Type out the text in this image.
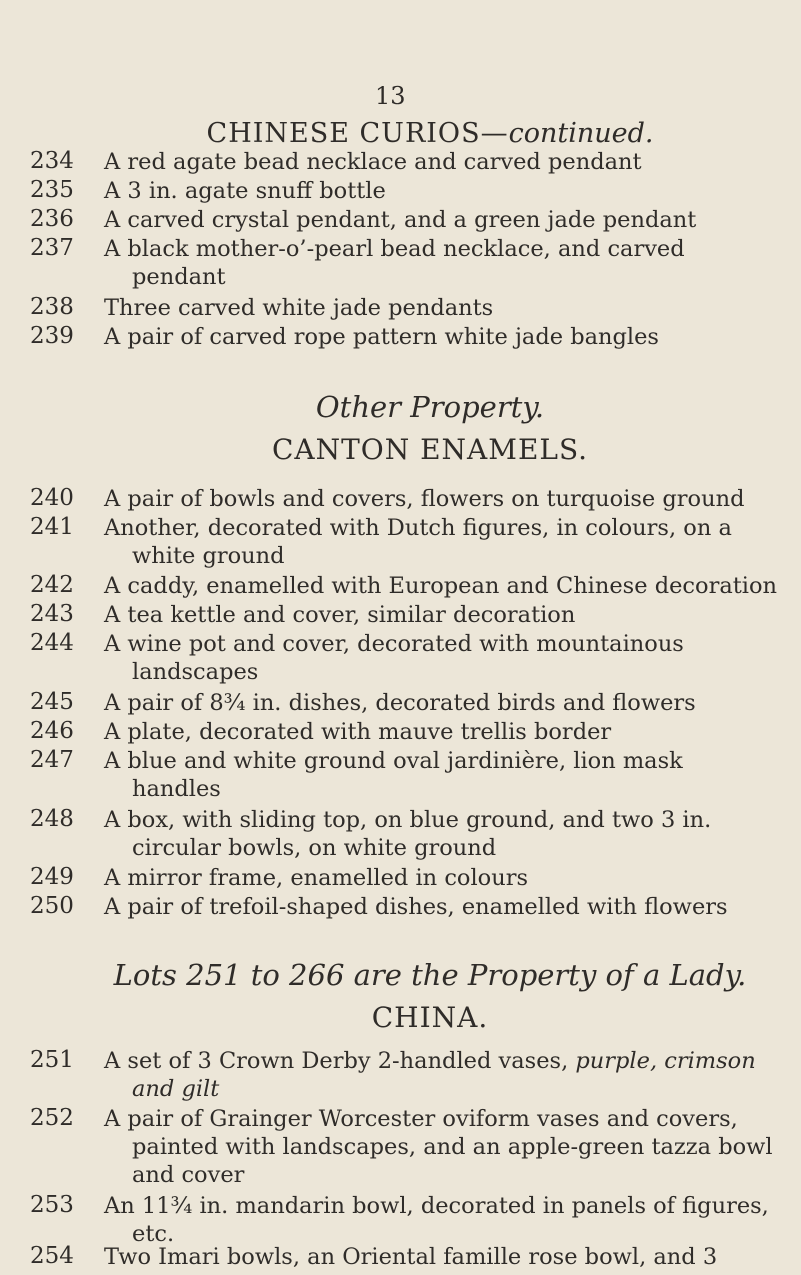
13
CHINESE CURIOS—continued.
234	A red agate bead necklace and carved pendant
235	A 3 in. agate snuff bottle
236	A carved crystal pendant, and a green jade pendant
237	A black mother-o’-pearl bead necklace, and carved
pendant
238	Three carved white jade pendants
239	A pair of carved rope pattern white jade bangles
Other Property.
CANTON ENAMELS.
240	A pair of bowls and covers, flowers on turquoise ground
241	Another, decorated with Dutch figures, in colours, on a
white ground
242	A caddy, enamelled with European and Chinese decoration
243	A tea kettle and cover, similar decoration
244	A wine pot and cover, decorated with mountainous
landscapes
245	A pair of 8¾ in. dishes, decorated birds and flowers
246	A plate, decorated with mauve trellis border
247	A blue and white ground oval jardinière, lion mask
handles
248	A box, with sliding top, on blue ground, and two 3 in.
circular bowls, on white ground
249	A mirror frame, enamelled in colours
250	A pair of trefoil-shaped dishes, enamelled with flowers
Lots 251 to 266 are the Property of a Lady.
CHINA.
251	A set of 3 Crown Derby 2-handled vases, purple, crimson
and gilt
252	A pair of Grainger Worcester oviform vases and covers,
painted with landscapes, and an apple-green tazza bowl
and cover
253	An 11¾ in. mandarin bowl, decorated in panels of figures,
etc.
254	Two Imari bowls, an Oriental famille rose bowl, and 3
